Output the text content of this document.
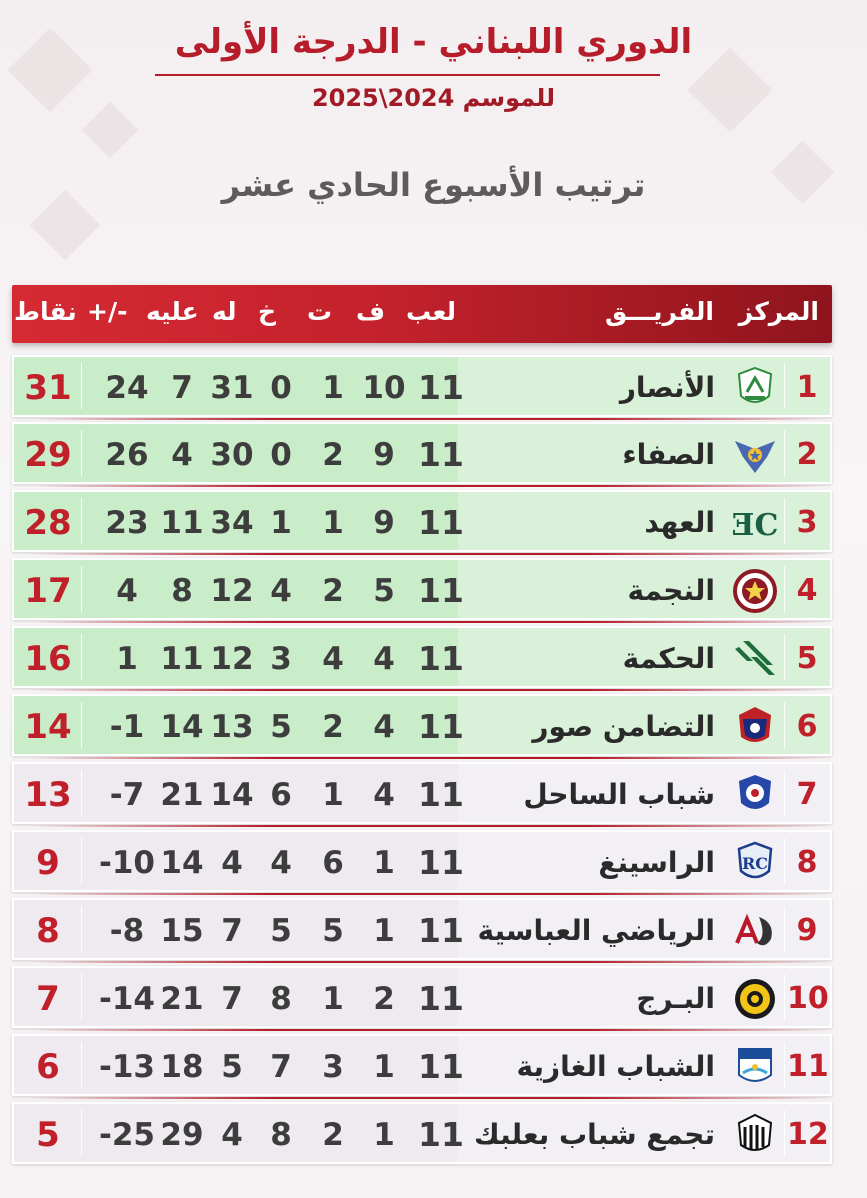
الدوري اللبناني - الدرجة الأولى
للموسم 2024\2025
ترتيب الأسبوع الحادي عشر
المركز
الفريـــق
لعب
ف
ت
خ
له
عليه
+/-
نقاط
1
الأنصار
11
10
1
0
31
7
24
31
2
الصفاء
11
9
2
0
30
4
26
29
3
العهد ƎC
11
9
1
1
34
11
23
28
4
النجمة
11
5
2
4
12
8
4
17
5
الحكمة
11
4
4
3
12
11
1
16
6
التضامن صور
11
4
2
5
13
14
-1
14
7
شباب الساحل
11
4
1
6
14
21
-7
13
8
الراسينغ RC
11
1
6
4
4
14
-10
9
9
الرياضي العباسية
11
1
5
5
7
15
-8
8
10
البـرج
11
2
1
8
7
21
-14
7
11
الشباب الغازية
11
1
3
7
5
18
-13
6
12
تجمع شباب بعلبك
11
1
2
8
4
29
-25
5
